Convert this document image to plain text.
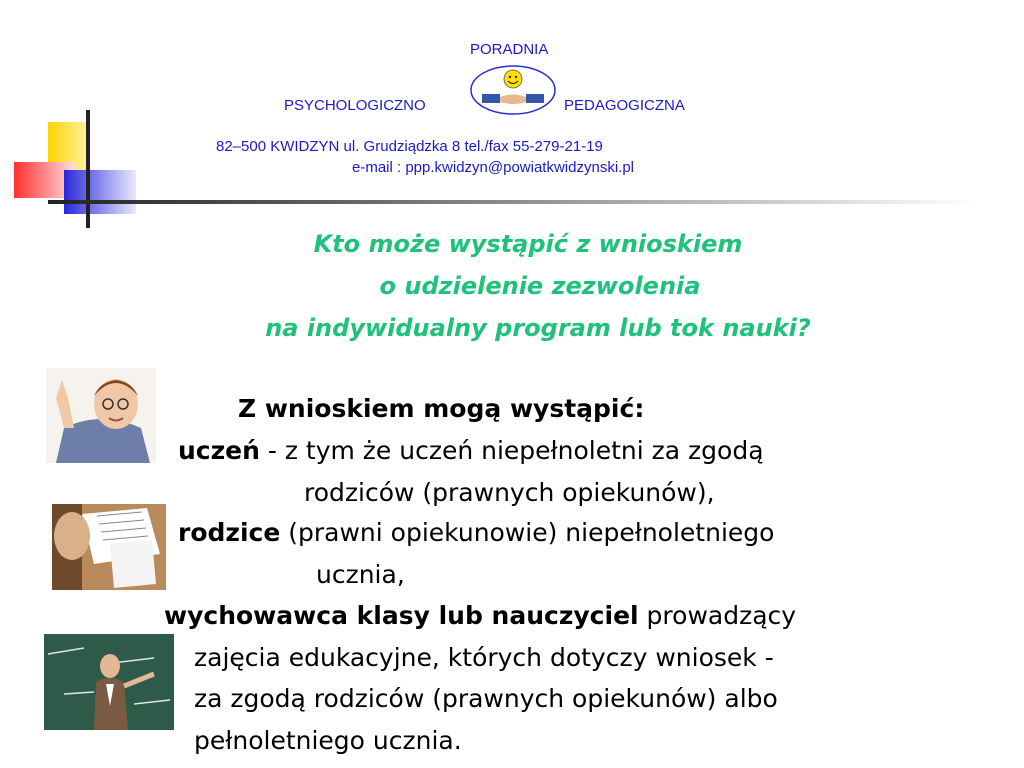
PORADNIA
PSYCHOLOGICZNO	PEDAGOGICZNA
82–500 KWIDZYN ul. Grudziądzka 8 tel./fax 55-279-21-19
e-mail : ppp.kwidzyn@powiatkwidzynski.pl
Kto może wystąpić z wnioskiem
o udzielenie zezwolenia
na indywidualny program lub tok nauki?
Z wnioskiem mogą wystąpić:
uczeń - z tym że uczeń niepełnoletni za zgodą
rodziców (prawnych opiekunów),
rodzice (prawni opiekunowie) niepełnoletniego
ucznia,
wychowawca klasy lub nauczyciel prowadzący
zajęcia edukacyjne, których dotyczy wniosek -
za zgodą rodziców (prawnych opiekunów) albo
pełnoletniego ucznia.
